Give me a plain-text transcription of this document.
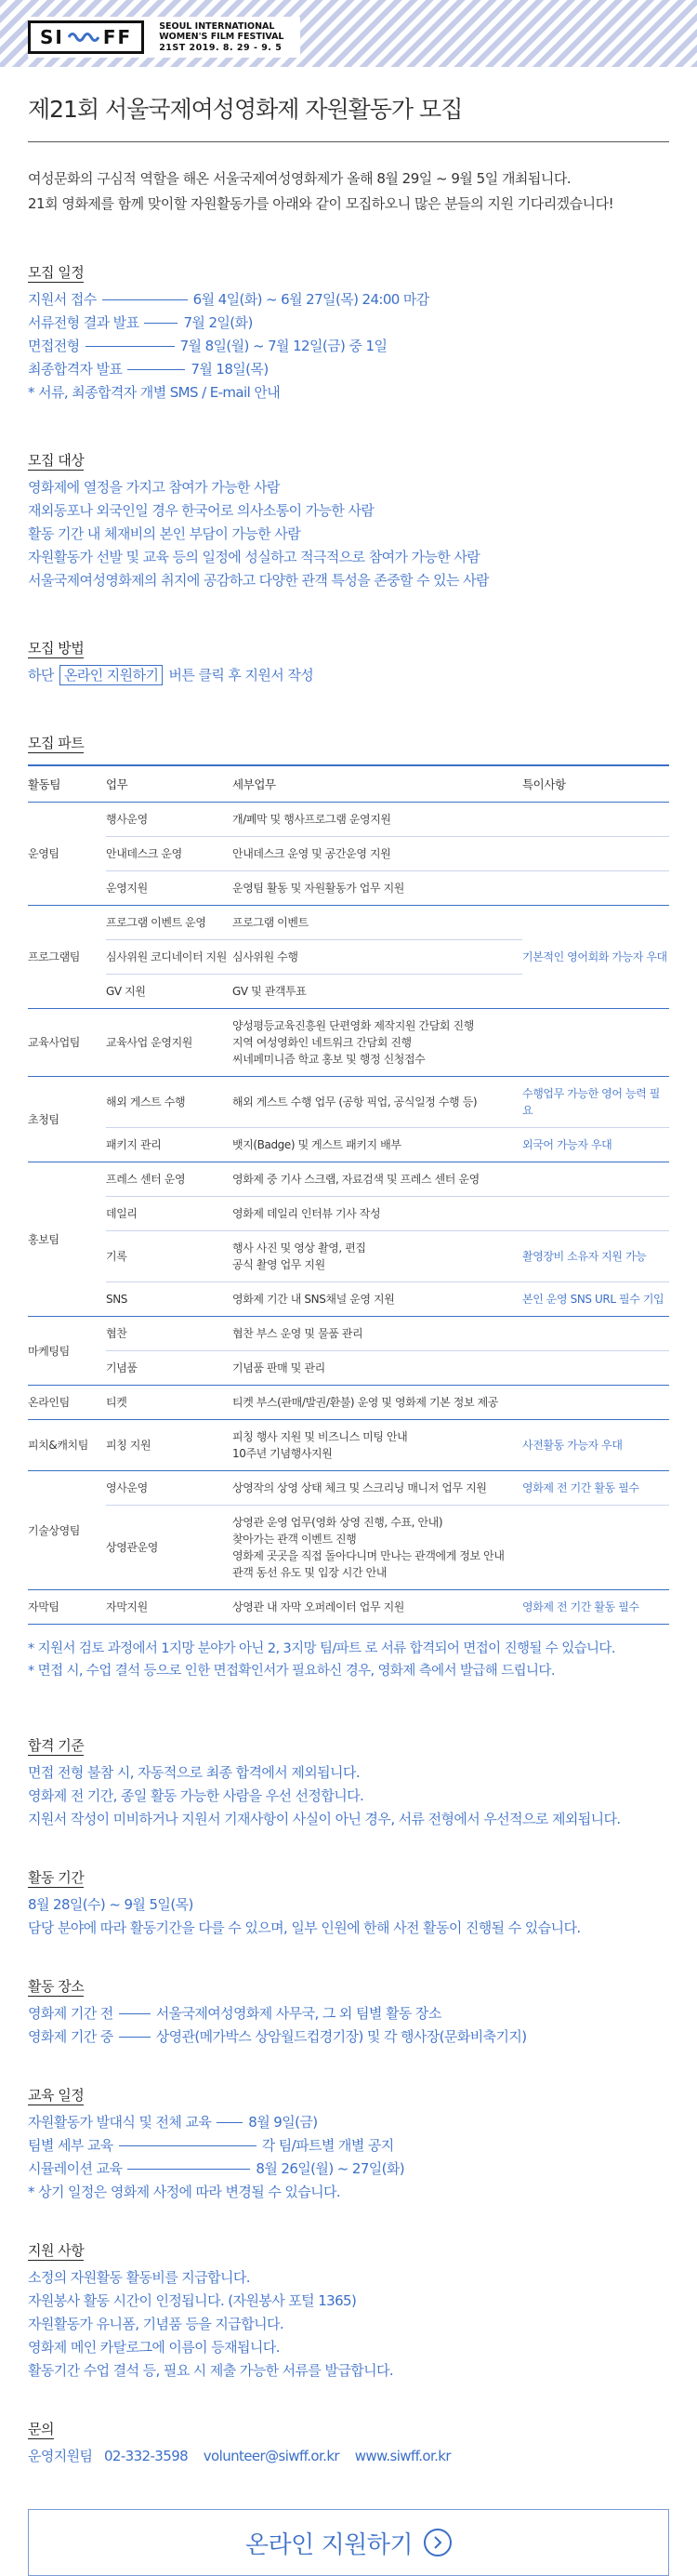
SI FF	SEOUL INTERNATIONAL
WOMEN'S FILM FESTIVAL
21ST 2019. 8. 29 - 9. 5
제21회 서울국제여성영화제 자원활동가 모집
여성문화의 구심적 역할을 해온 서울국제여성영화제가 올해 8월 29일 ~ 9월 5일 개최됩니다.
21회 영화제를 함께 맞이할 자원활동가를 아래와 같이 모집하오니 많은 분들의 지원 기다리겠습니다!
모집 일정
지원서 접수	6월 4일(화) ~ 6월 27일(목) 24:00 마감
서류전형 결과 발표	7월 2일(화)
면접전형	7월 8일(월) ~ 7월 12일(금) 중 1일
최종합격자 발표	7월 18일(목)
* 서류, 최종합격자 개별 SMS / E-mail 안내
모집 대상
영화제에 열정을 가지고 참여가 가능한 사람
재외동포나 외국인일 경우 한국어로 의사소통이 가능한 사람
활동 기간 내 체재비의 본인 부담이 가능한 사람
자원활동가 선발 및 교육 등의 일정에 성실하고 적극적으로 참여가 가능한 사람
서울국제여성영화제의 취지에 공감하고 다양한 관객 특성을 존중할 수 있는 사람
모집 방법
하단 온라인 지원하기 버튼 클릭 후 지원서 작성
모집 파트
활동팀	업무	세부업무	특이사항
운영팀	행사운영	개/폐막 및 행사프로그램 운영지원	

	안내데스크 운영	안내데스크 운영 및 공간운영 지원	

	운영지원	운영팀 활동 및 자원활동가 업무 지원	

프로그램팀	프로그램 이벤트 운영	프로그램 이벤트	기본적인 영어회화 가능자 우대
	심사위원 코디네이터 지원	심사위원 수행	

	GV 지원	GV 및 관객투표	

교육사업팀	교육사업 운영지원	양성평등교육진흥원 단편영화 제작지원 간담회 진행
지역 여성영화인 네트워크 간담회 진행
씨네페미니즘 학교 홍보 및 행정 신청접수	

초청팀	해외 게스트 수행	해외 게스트 수행 업무 (공항 픽업, 공식일정 수행 등)	수행업무 가능한 영어 능력 필요
	패키지 관리	뱃지(Badge) 및 게스트 패키지 배부	외국어 가능자 우대
홍보팀	프레스 센터 운영	영화제 중 기사 스크랩, 자료검색 및 프레스 센터 운영	

	데일리	영화제 데일리 인터뷰 기사 작성	

	기록	행사 사진 및 영상 촬영, 편집
공식 촬영 업무 지원	촬영장비 소유자 지원 가능
	SNS	영화제 기간 내 SNS채널 운영 지원	본인 운영 SNS URL 필수 기입
마케팅팀	협찬	협찬 부스 운영 및 물품 관리	

	기념품	기념품 판매 및 관리	

온라인팀	티켓	티켓 부스(판매/발권/환불) 운영 및 영화제 기본 정보 제공	

피치&캐치팀	피칭 지원	피칭 행사 지원 및 비즈니스 미팅 안내
10주년 기념행사지원	사전활동 가능자 우대
기술상영팀	영사운영	상영작의 상영 상태 체크 및 스크리닝 매니저 업무 지원	영화제 전 기간 활동 필수
	상영관운영	상영관 운영 업무(영화 상영 진행, 수표, 안내)
찾아가는 관객 이벤트 진행
영화제 곳곳을 직접 돌아다니며 만나는 관객에게 정보 안내
관객 동선 유도 및 입장 시간 안내	

자막팀	자막지원	상영관 내 자막 오퍼레이터 업무 지원	영화제 전 기간 활동 필수
* 지원서 검토 과정에서 1지망 분야가 아닌 2, 3지망 팀/파트 로 서류 합격되어 면접이 진행될 수 있습니다.
* 면접 시, 수업 결석 등으로 인한 면접확인서가 필요하신 경우, 영화제 측에서 발급해 드립니다.
합격 기준
면접 전형 불참 시, 자동적으로 최종 합격에서 제외됩니다.
영화제 전 기간, 종일 활동 가능한 사람을 우선 선정합니다.
지원서 작성이 미비하거나 지원서 기재사항이 사실이 아닌 경우, 서류 전형에서 우선적으로 제외됩니다.
활동 기간
8월 28일(수) ~ 9월 5일(목)
담당 분야에 따라 활동기간을 다를 수 있으며, 일부 인원에 한해 사전 활동이 진행될 수 있습니다.
활동 장소
영화제 기간 전	서울국제여성영화제 사무국, 그 외 팀별 활동 장소
영화제 기간 중	상영관(메가박스 상암월드컵경기장) 및 각 행사장(문화비축기지)
교육 일정
자원활동가 발대식 및 전체 교육	8월 9일(금)
팀별 세부 교육	각 팀/파트별 개별 공지
시뮬레이션 교육	8월 26일(월) ~ 27일(화)
* 상기 일정은 영화제 사정에 따라 변경될 수 있습니다.
지원 사항
소정의 자원활동 활동비를 지급합니다.
자원봉사 활동 시간이 인정됩니다. (자원봉사 포털 1365)
자원활동가 유니폼, 기념품 등을 지급합니다.
영화제 메인 카탈로그에 이름이 등재됩니다.
활동기간 수업 결석 등, 필요 시 제출 가능한 서류를 발급합니다.
문의
운영지원팀 02-332-3598 volunteer@siwff.or.kr www.siwff.or.kr
온라인 지원하기
